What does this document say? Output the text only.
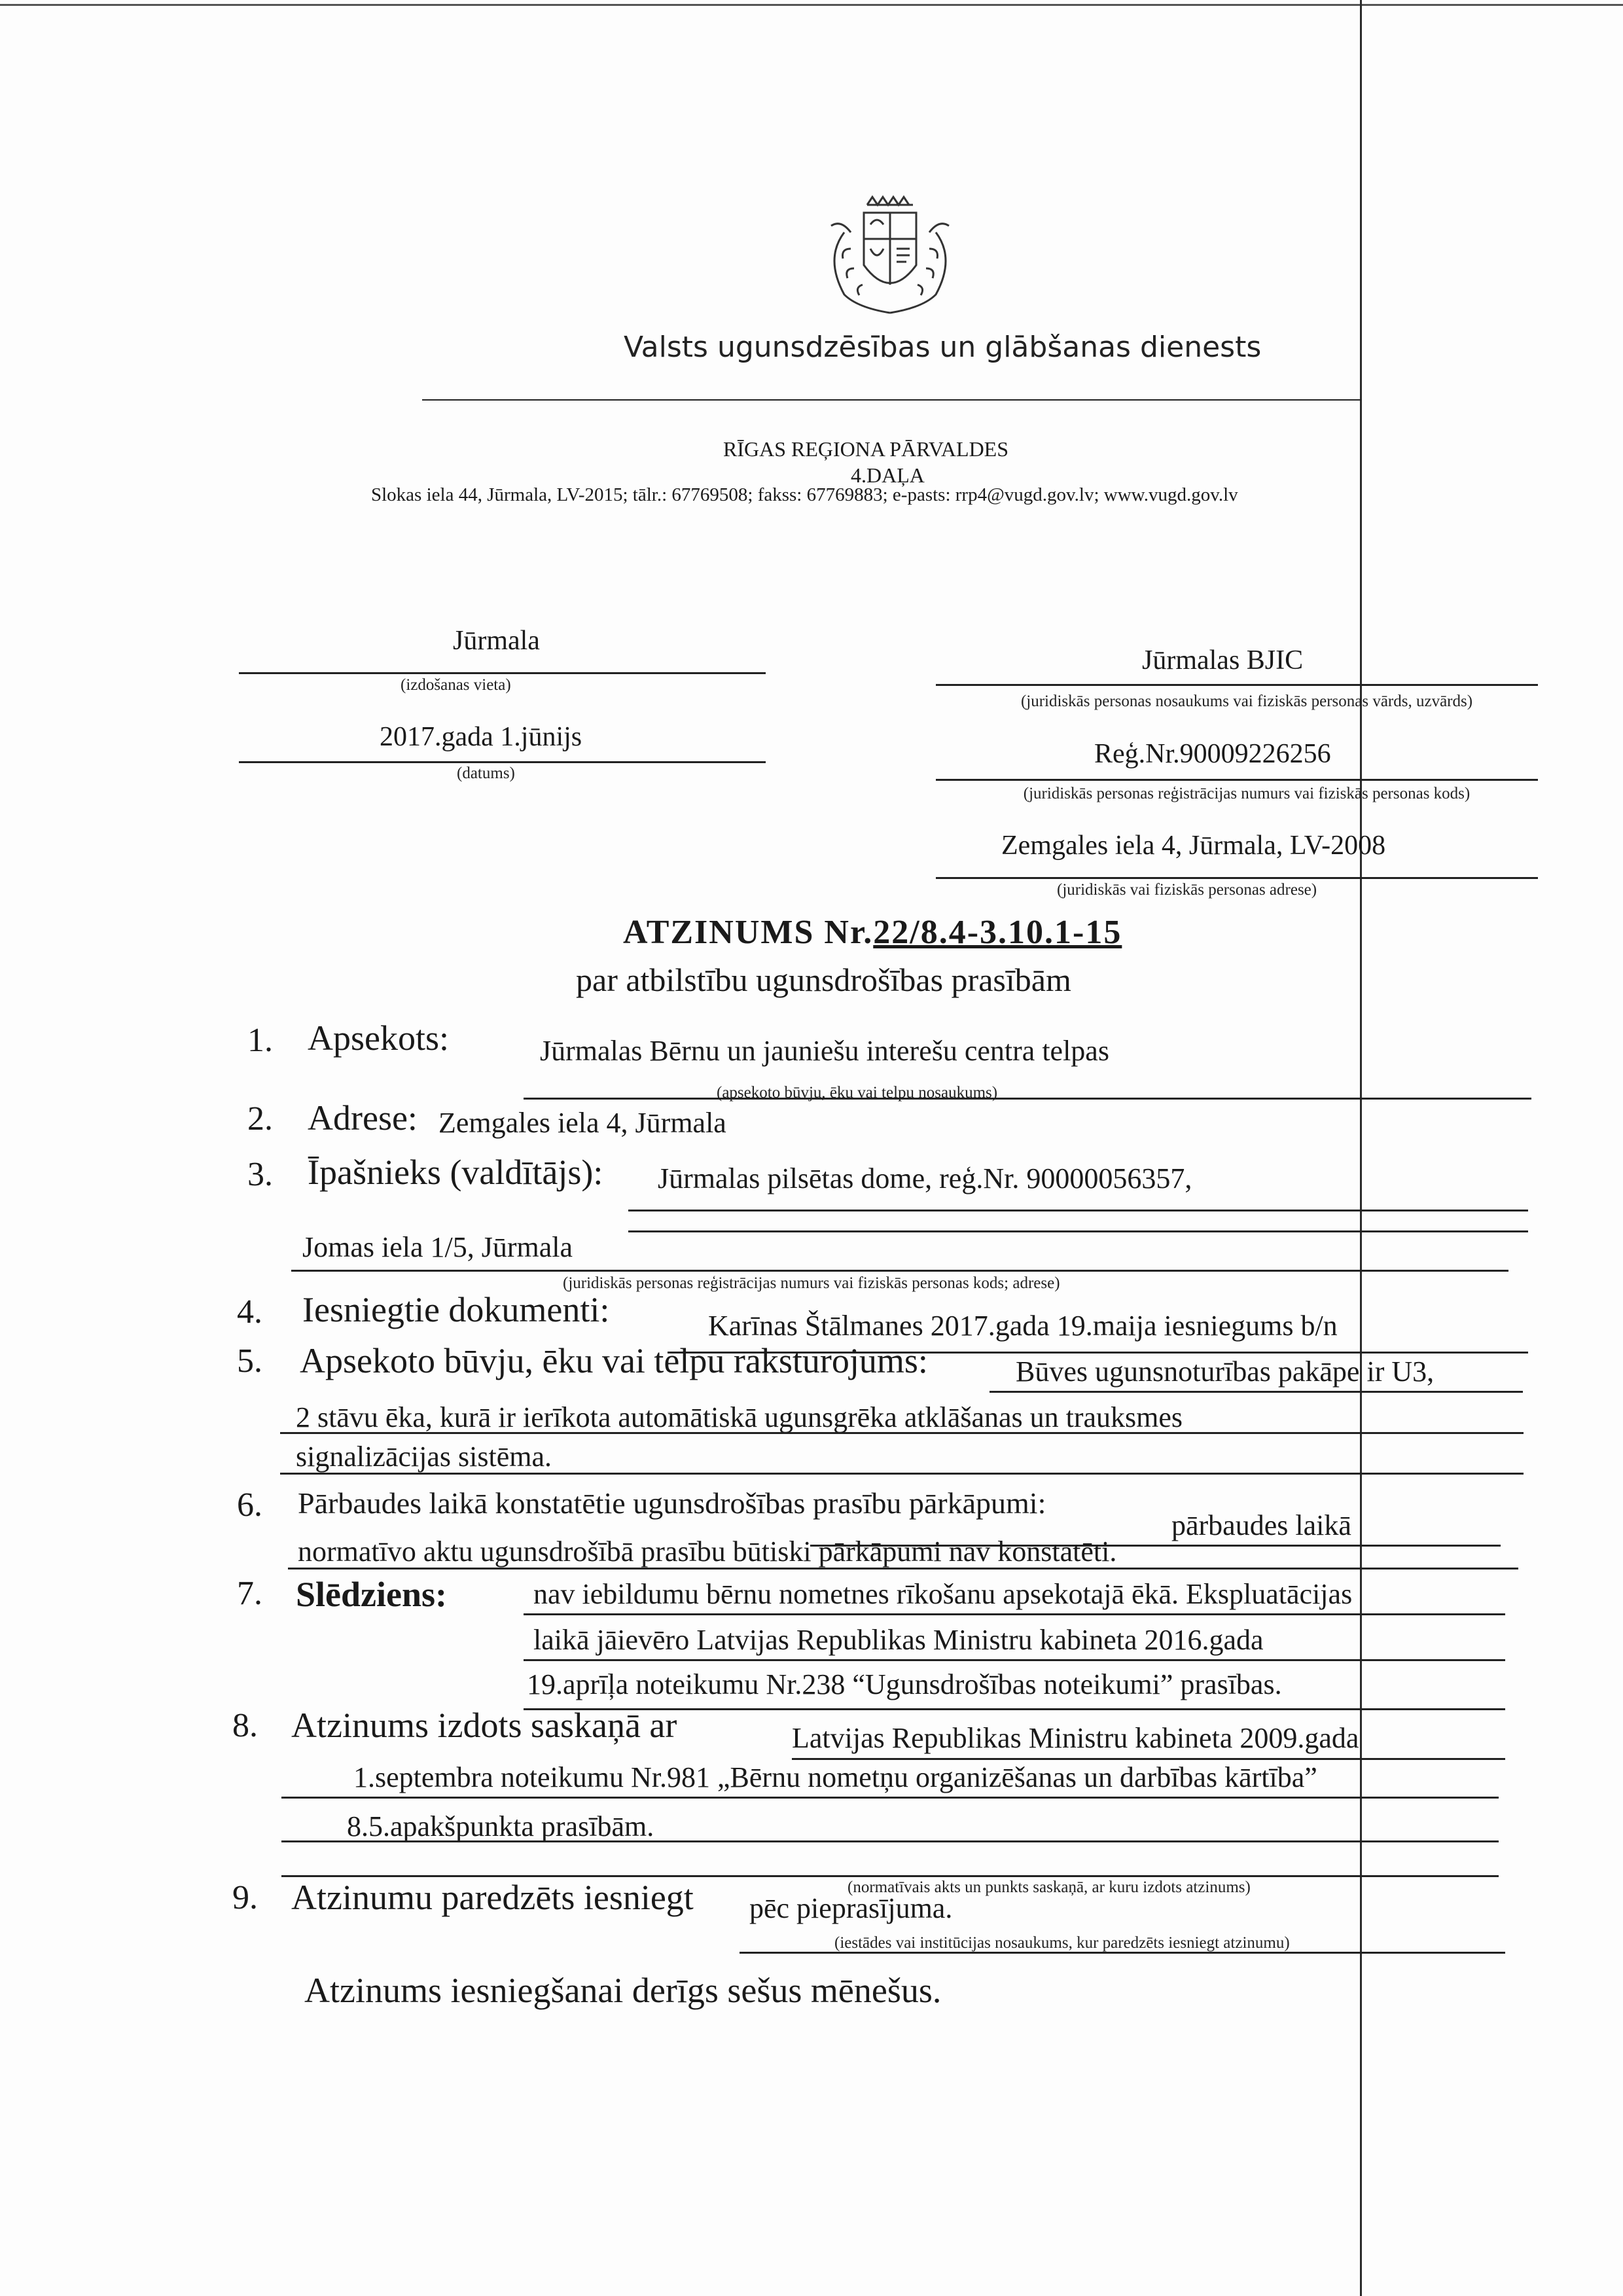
Valsts ugunsdzēsības un glābšanas dienests
RĪGAS REĢIONA PĀRVALDES
4.DAĻA
Slokas iela 44, Jūrmala, LV-2015; tālr.: 67769508; fakss: 67769883; e-pasts: rrp4@vugd.gov.lv; www.vugd.gov.lv
Jūrmala
(izdošanas vieta)
2017.gada 1.jūnijs
(datums)
Jūrmalas BJIC
(juridiskās personas nosaukums vai fiziskās personas vārds, uzvārds)
Reģ.Nr.90009226256
(juridiskās personas reģistrācijas numurs vai fiziskās personas kods)
Zemgales iela 4, Jūrmala, LV-2008
(juridiskās vai fiziskās personas adrese)
ATZINUMS Nr.22/8.4-3.10.1-15
par atbilstību ugunsdrošības prasībām
1. Apsekots:	Jūrmalas Bērnu un jauniešu interešu centra telpas
(apsekoto būvju, ēku vai telpu nosaukums)
2. Adrese: Zemgales iela 4, Jūrmala
3. Īpašnieks (valdītājs): Jūrmalas pilsētas dome, reģ.Nr. 90000056357,
Jomas iela 1/5, Jūrmala
(juridiskās personas reģistrācijas numurs vai fiziskās personas kods; adrese)
4. Iesniegtie dokumenti:	Karīnas Štālmanes 2017.gada 19.maija iesniegums b/n
5. Apsekoto būvju, ēku vai telpu raksturojums:	Būves ugunsnoturības pakāpe ir U3,
2 stāvu ēka, kurā ir ierīkota automātiskā ugunsgrēka atklāšanas un trauksmes
signalizācijas sistēma.
6. Pārbaudes laikā konstatētie ugunsdrošības prasību pārkāpumi:
pārbaudes laikā
normatīvo aktu ugunsdrošībā prasību būtiski pārkāpumi nav konstatēti.
7. Slēdziens:	nav iebildumu bērnu nometnes rīkošanu apsekotajā ēkā. Ekspluatācijas
laikā jāievēro Latvijas Republikas Ministru kabineta 2016.gada
19.aprīļa noteikumu Nr.238 “Ugunsdrošības noteikumi” prasības.
8. Atzinums izdots saskaņā ar	Latvijas Republikas Ministru kabineta 2009.gada
1.septembra noteikumu Nr.981 „Bērnu nometņu organizēšanas un darbības kārtība”
8.5.apakšpunkta prasībām.
(normatīvais akts un punkts saskaņā, ar kuru izdots atzinums)
9. Atzinumu paredzēts iesniegt pēc pieprasījuma.
(iestādes vai institūcijas nosaukums, kur paredzēts iesniegt atzinumu)
Atzinums iesniegšanai derīgs sešus mēnešus.
